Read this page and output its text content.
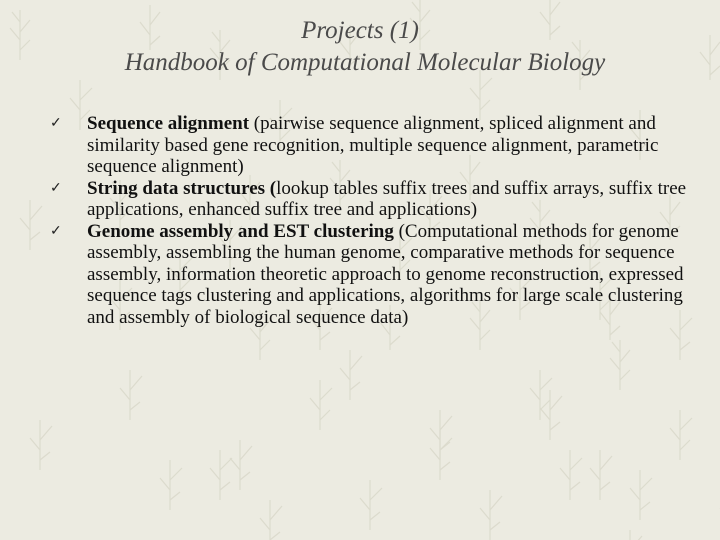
Projects (1)
Handbook of Computational Molecular Biology
✓ Sequence alignment (pairwise sequence alignment, spliced alignment and similarity based gene recognition, multiple sequence alignment, parametric sequence alignment)
✓ String data structures (lookup tables suffix trees and suffix arrays, suffix tree applications, enhanced suffix tree and applications)
✓ Genome assembly and EST clustering (Computational methods for genome assembly, assembling the human genome, comparative methods for sequence assembly, information theoretic approach to genome reconstruction, expressed sequence tags clustering and applications, algorithms for large scale clustering and assembly of biological sequence data)
